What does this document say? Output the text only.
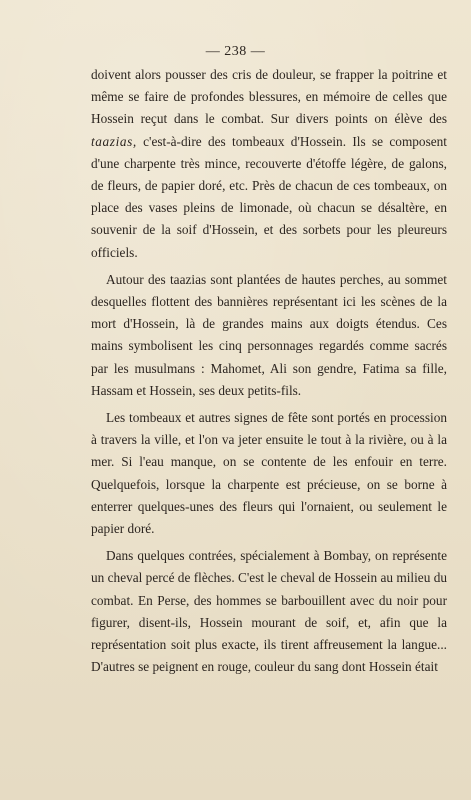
— 238 —

doivent alors pousser des cris de douleur, se frapper la poitrine et même se faire de profondes blessures, en mémoire de celles que Hossein reçut dans le combat. Sur divers points on élève des taazias, c'est-à-dire des tombeaux d'Hossein. Ils se composent d'une charpente très mince, recouverte d'étoffe légère, de galons, de fleurs, de papier doré, etc. Près de chacun de ces tombeaux, on place des vases pleins de limonade, où chacun se désaltère, en souvenir de la soif d'Hossein, et des sorbets pour les pleureurs officiels.

Autour des taazias sont plantées de hautes perches, au sommet desquelles flottent des bannières représentant ici les scènes de la mort d'Hossein, là de grandes mains aux doigts étendus. Ces mains symbolisent les cinq personnages regardés comme sacrés par les musulmans : Mahomet, Ali son gendre, Fatima sa fille, Hassam et Hossein, ses deux petits-fils.

Les tombeaux et autres signes de fête sont portés en procession à travers la ville, et l'on va jeter ensuite le tout à la rivière, ou à la mer. Si l'eau manque, on se contente de les enfouir en terre. Quelquefois, lorsque la charpente est précieuse, on se borne à enterrer quelques-unes des fleurs qui l'ornaient, ou seulement le papier doré.

Dans quelques contrées, spécialement à Bombay, on représente un cheval percé de flèches. C'est le cheval de Hossein au milieu du combat. En Perse, des hommes se barbouillent avec du noir pour figurer, disent-ils, Hossein mourant de soif, et, afin que la représentation soit plus exacte, ils tirent affreusement la langue... D'autres se peignent en rouge, couleur du sang dont Hossein était
